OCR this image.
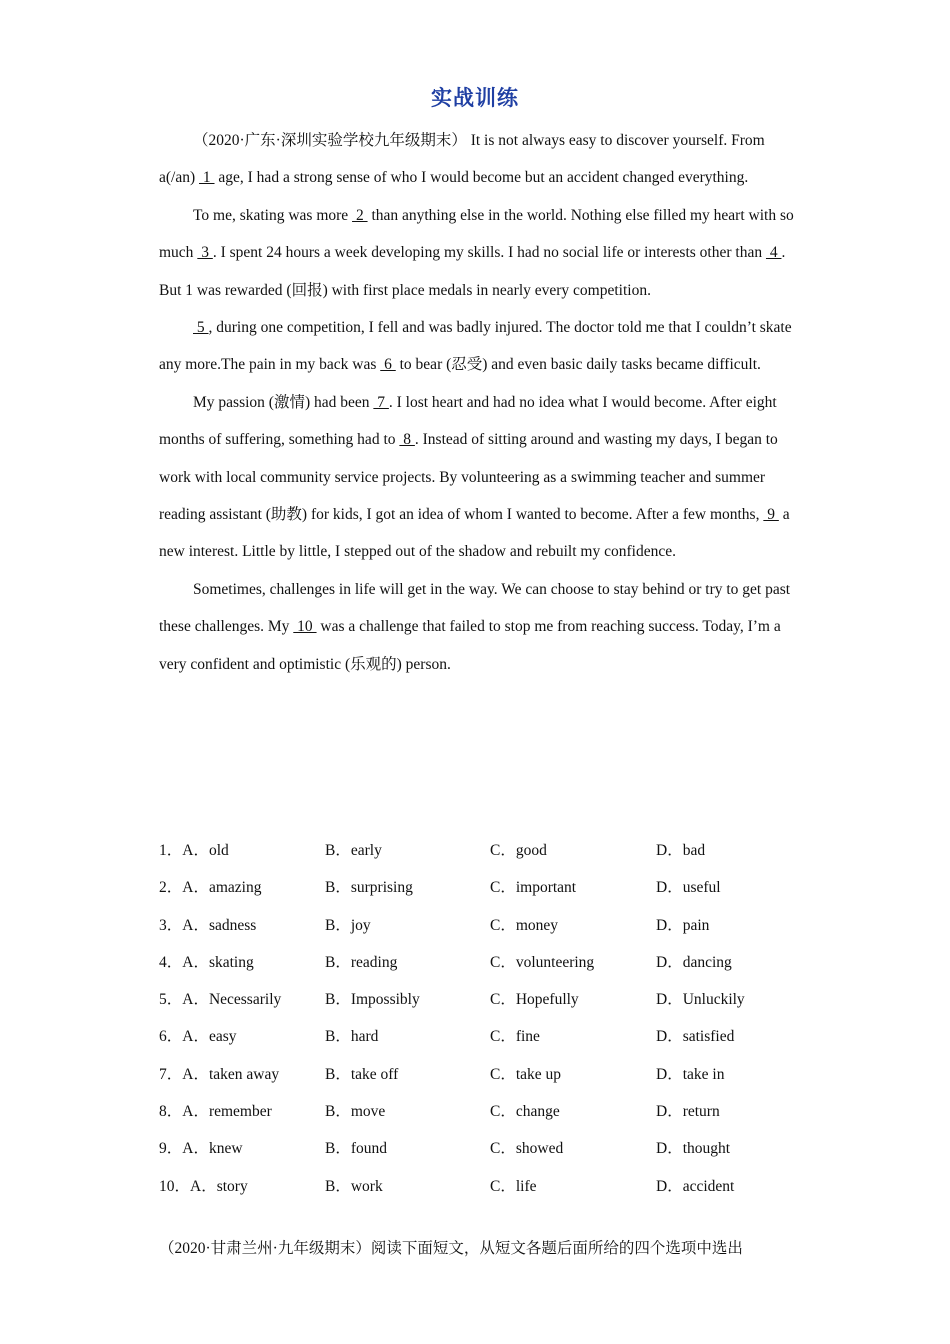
实战训练

（2020·广东·深圳实验学校九年级期末） It is not always easy to discover yourself. From a(/an)  1  age, I had a strong sense of who I would become but an accident changed everything.

To me, skating was more  2  than anything else in the world. Nothing else filled my heart with so much  3 . I spent 24 hours a week developing my skills. I had no social life or interests other than  4 . But 1 was rewarded (回报) with first place medals in nearly every competition.

5 , during one competition, I fell and was badly injured. The doctor told me that I couldn’t skate any more.The pain in my back was  6  to bear (忍受) and even basic daily tasks became difficult.

My passion (激情) had been  7 . I lost heart and had no idea what I would become. After eight months of suffering, something had to  8 . Instead of sitting around and wasting my days, I began to work with local community service projects. By volunteering as a swimming teacher and summer reading assistant (助教) for kids, I got an idea of whom I wanted to become. After a few months,  9  a new interest. Little by little, I stepped out of the shadow and rebuilt my confidence.

Sometimes, challenges in life will get in the way. We can choose to stay behind or try to get past these challenges. My  10  was a challenge that failed to stop me from reaching success. Today, I’m a very confident and optimistic (乐观的) person.

1．A．old	B．early	C．good	D．bad
2．A．amazing	B．surprising	C．important	D．useful
3．A．sadness	B．joy	C．money	D．pain
4．A．skating	B．reading	C．volunteering	D．dancing
5．A．Necessarily	B．Impossibly	C．Hopefully	D．Unluckily
6．A．easy	B．hard	C．fine	D．satisfied
7．A．taken away	B．take off	C．take up	D．take in
8．A．remember	B．move	C．change	D．return
9．A．knew	B．found	C．showed	D．thought
10．A．story	B．work	C．life	D．accident
（2020·甘肃兰州·九年级期末）阅读下面短文，从短文各题后面所给的四个选项中选出
